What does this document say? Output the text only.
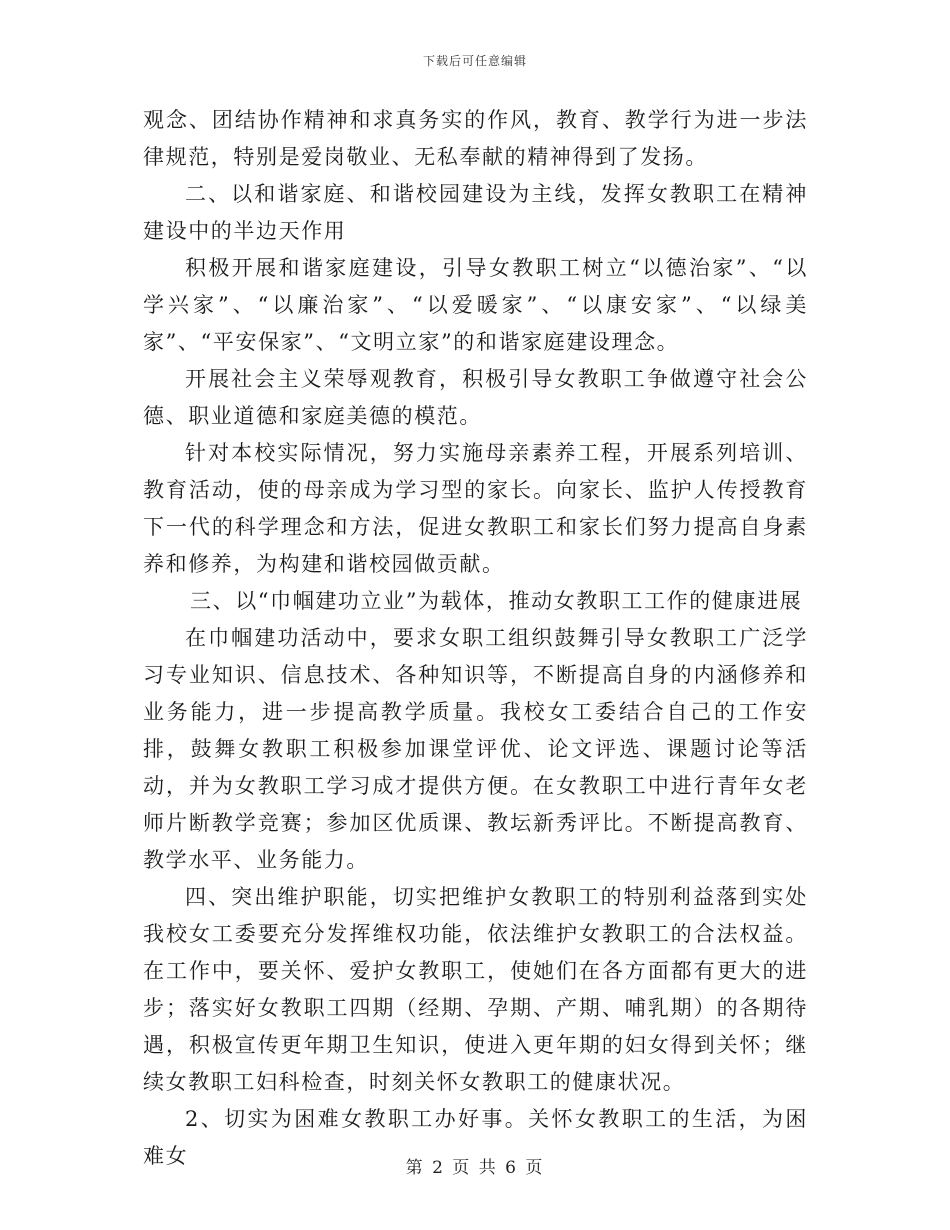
下载后可任意编辑

观念、团结协作精神和求真务实的作风，教育、教学行为进一步法律规范，特别是爱岗敬业、无私奉献的精神得到了发扬。

二、以和谐家庭、和谐校园建设为主线，发挥女教职工在精神建设中的半边天作用

积极开展和谐家庭建设，引导女教职工树立“以德治家”、“以学兴家”、“以廉治家”、“以爱暖家”、“以康安家”、“以绿美家”、“平安保家”、“文明立家”的和谐家庭建设理念。

开展社会主义荣辱观教育，积极引导女教职工争做遵守社会公德、职业道德和家庭美德的模范。

针对本校实际情况，努力实施母亲素养工程，开展系列培训、教育活动，使的母亲成为学习型的家长。向家长、监护人传授教育下一代的科学理念和方法，促进女教职工和家长们努力提高自身素养和修养，为构建和谐校园做贡献。

三、以“巾帼建功立业”为载体，推动女教职工工作的健康进展

在巾帼建功活动中，要求女职工组织鼓舞引导女教职工广泛学习专业知识、信息技术、各种知识等，不断提高自身的内涵修养和业务能力，进一步提高教学质量。我校女工委结合自己的工作安排，鼓舞女教职工积极参加课堂评优、论文评选、课题讨论等活动，并为女教职工学习成才提供方便。在女教职工中进行青年女老师片断教学竞赛；参加区优质课、教坛新秀评比。不断提高教育、教学水平、业务能力。

四、突出维护职能，切实把维护女教职工的特别利益落到实处我校女工委要充分发挥维权功能，依法维护女教职工的合法权益。在工作中，要关怀、爱护女教职工，使她们在各方面都有更大的进步；落实好女教职工四期（经期、孕期、产期、哺乳期）的各期待遇，积极宣传更年期卫生知识，使进入更年期的妇女得到关怀；继续女教职工妇科检查，时刻关怀女教职工的健康状况。

2、切实为困难女教职工办好事。关怀女教职工的生活，为困难女	第 2 页 共 6 页
